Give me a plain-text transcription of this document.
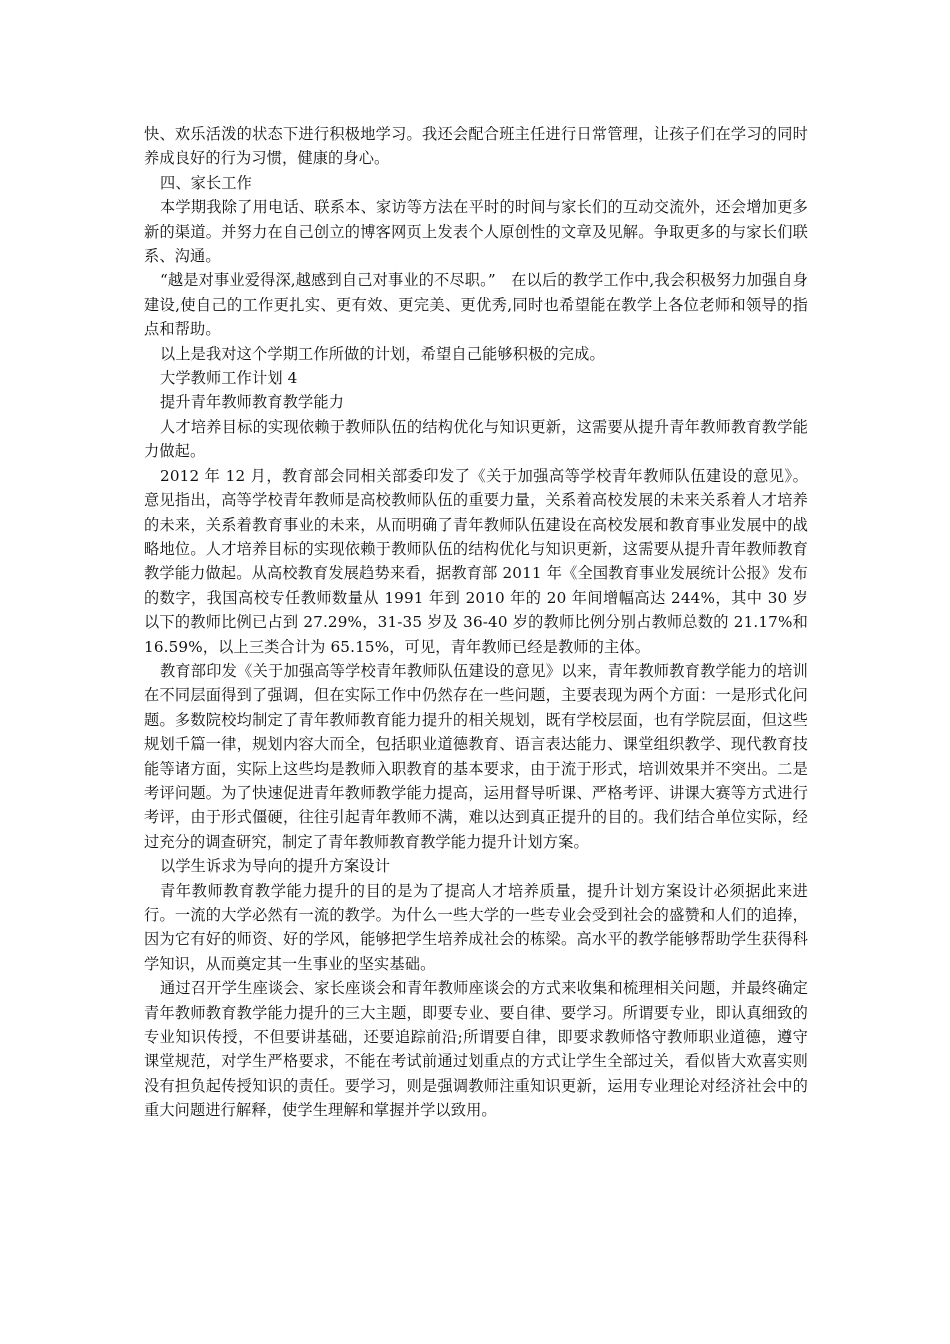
快、欢乐活泼的状态下进行积极地学习。我还会配合班主任进行日常管理，让孩子们在学习的同时养成良好的行为习惯，健康的身心。

四、家长工作

本学期我除了用电话、联系本、家访等方法在平时的时间与家长们的互动交流外，还会增加更多新的渠道。并努力在自己创立的博客网页上发表个人原创性的文章及见解。争取更多的与家长们联系、沟通。

“越是对事业爱得深,越感到自己对事业的不尽职。”　在以后的教学工作中,我会积极努力加强自身建设,使自己的工作更扎实、更有效、更完美、更优秀,同时也希望能在教学上各位老师和领导的指点和帮助。

以上是我对这个学期工作所做的计划，希望自己能够积极的完成。

大学教师工作计划 4

提升青年教师教育教学能力

人才培养目标的实现依赖于教师队伍的结构优化与知识更新，这需要从提升青年教师教育教学能力做起。

2012 年 12 月，教育部会同相关部委印发了《关于加强高等学校青年教师队伍建设的意见》。意见指出，高等学校青年教师是高校教师队伍的重要力量，关系着高校发展的未来关系着人才培养的未来，关系着教育事业的未来，从而明确了青年教师队伍建设在高校发展和教育事业发展中的战略地位。人才培养目标的实现依赖于教师队伍的结构优化与知识更新，这需要从提升青年教师教育教学能力做起。从高校教育发展趋势来看，据教育部 2011 年《全国教育事业发展统计公报》发布的数字，我国高校专任教师数量从 1991 年到 2010 年的 20 年间增幅高达 244%，其中 30 岁以下的教师比例已占到 27.29%，31-35 岁及 36-40 岁的教师比例分别占教师总数的 21.17%和 16.59%，以上三类合计为 65.15%，可见，青年教师已经是教师的主体。

教育部印发《关于加强高等学校青年教师队伍建设的意见》以来，青年教师教育教学能力的培训在不同层面得到了强调，但在实际工作中仍然存在一些问题，主要表现为两个方面：一是形式化问题。多数院校均制定了青年教师教育能力提升的相关规划，既有学校层面，也有学院层面，但这些规划千篇一律，规划内容大而全，包括职业道德教育、语言表达能力、课堂组织教学、现代教育技能等诸方面，实际上这些均是教师入职教育的基本要求，由于流于形式，培训效果并不突出。二是考评问题。为了快速促进青年教师教学能力提高，运用督导听课、严格考评、讲课大赛等方式进行考评，由于形式僵硬，往往引起青年教师不满，难以达到真正提升的目的。我们结合单位实际，经过充分的调查研究，制定了青年教师教育教学能力提升计划方案。

以学生诉求为导向的提升方案设计

青年教师教育教学能力提升的目的是为了提高人才培养质量，提升计划方案设计必须据此来进行。一流的大学必然有一流的教学。为什么一些大学的一些专业会受到社会的盛赞和人们的追捧，因为它有好的师资、好的学风，能够把学生培养成社会的栋梁。高水平的教学能够帮助学生获得科学知识，从而奠定其一生事业的坚实基础。

通过召开学生座谈会、家长座谈会和青年教师座谈会的方式来收集和梳理相关问题，并最终确定青年教师教育教学能力提升的三大主题，即要专业、要自律、要学习。所谓要专业，即认真细致的专业知识传授，不但要讲基础，还要追踪前沿;所谓要自律，即要求教师恪守教师职业道德，遵守课堂规范，对学生严格要求，不能在考试前通过划重点的方式让学生全部过关，看似皆大欢喜实则没有担负起传授知识的责任。要学习，则是强调教师注重知识更新，运用专业理论对经济社会中的重大问题进行解释，使学生理解和掌握并学以致用。
